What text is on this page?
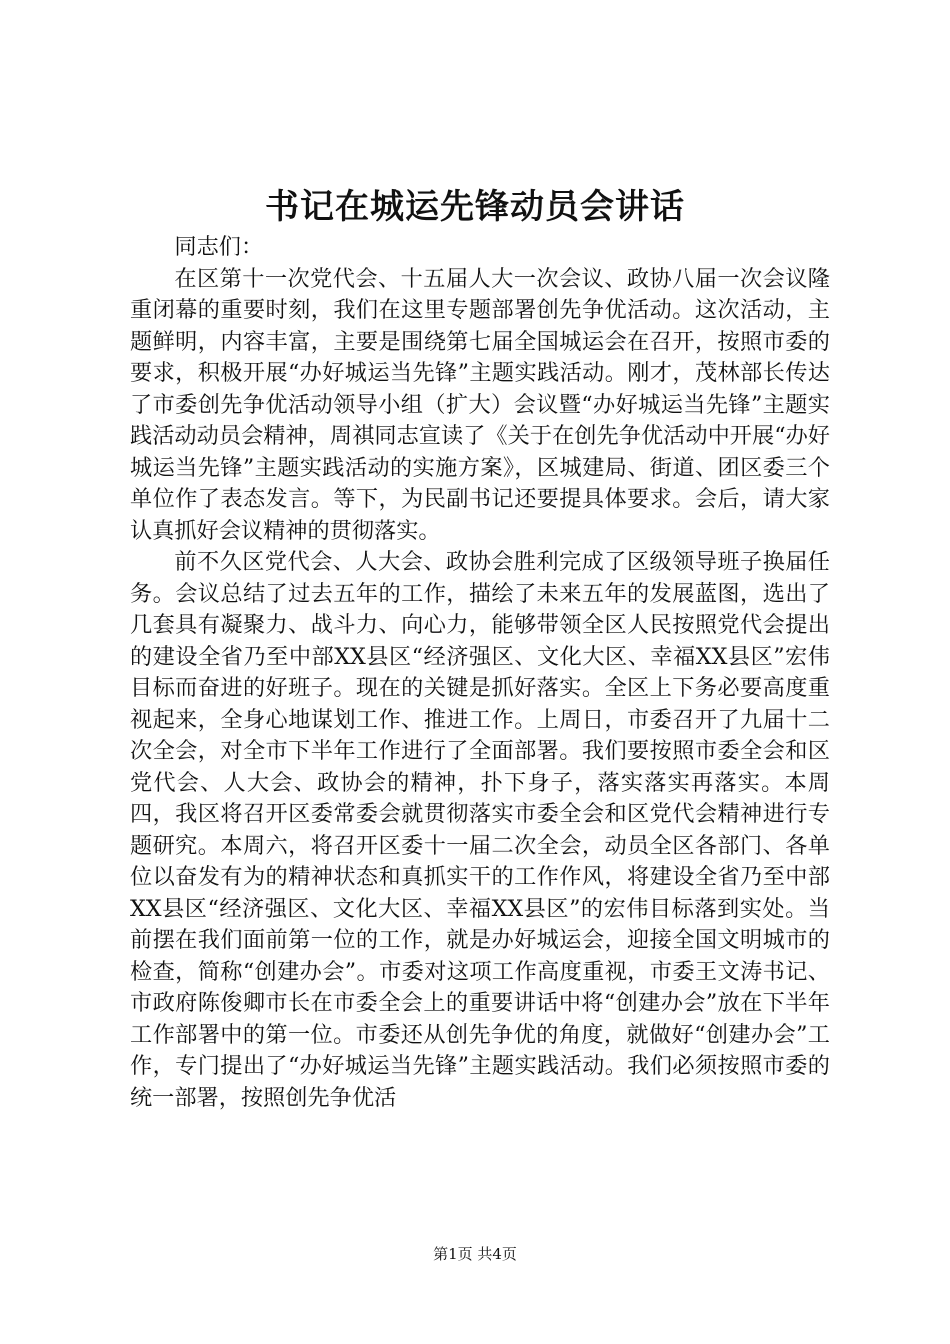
书记在城运先锋动员会讲话

同志们：

在区第十一次党代会、十五届人大一次会议、政协八届一次会议隆重闭幕的重要时刻，我们在这里专题部署创先争优活动。这次活动，主题鲜明，内容丰富，主要是围绕第七届全国城运会在召开，按照市委的要求，积极开展“办好城运当先锋”主题实践活动。刚才，茂林部长传达了市委创先争优活动领导小组（扩大）会议暨“办好城运当先锋”主题实践活动动员会精神，周祺同志宣读了《关于在创先争优活动中开展“办好城运当先锋”主题实践活动的实施方案》，区城建局、街道、团区委三个单位作了表态发言。等下，为民副书记还要提具体要求。会后，请大家认真抓好会议精神的贯彻落实。

前不久区党代会、人大会、政协会胜利完成了区级领导班子换届任务。会议总结了过去五年的工作，描绘了未来五年的发展蓝图，选出了几套具有凝聚力、战斗力、向心力，能够带领全区人民按照党代会提出的建设全省乃至中部XX县区“经济强区、文化大区、幸福XX县区”宏伟目标而奋进的好班子。现在的关键是抓好落实。全区上下务必要高度重视起来，全身心地谋划工作、推进工作。上周日，市委召开了九届十二次全会，对全市下半年工作进行了全面部署。我们要按照市委全会和区党代会、人大会、政协会的精神，扑下身子，落实落实再落实。本周四，我区将召开区委常委会就贯彻落实市委全会和区党代会精神进行专题研究。本周六，将召开区委十一届二次全会，动员全区各部门、各单位以奋发有为的精神状态和真抓实干的工作作风，将建设全省乃至中部XX县区“经济强区、文化大区、幸福XX县区”的宏伟目标落到实处。当前摆在我们面前第一位的工作，就是办好城运会，迎接全国文明城市的检查，简称“创建办会”。市委对这项工作高度重视，市委王文涛书记、市政府陈俊卿市长在市委全会上的重要讲话中将“创建办会”放在下半年工作部署中的第一位。市委还从创先争优的角度，就做好“创建办会”工作，专门提出了“办好城运当先锋”主题实践活动。我们必须按照市委的统一部署，按照创先争优活

第1页 共4页
